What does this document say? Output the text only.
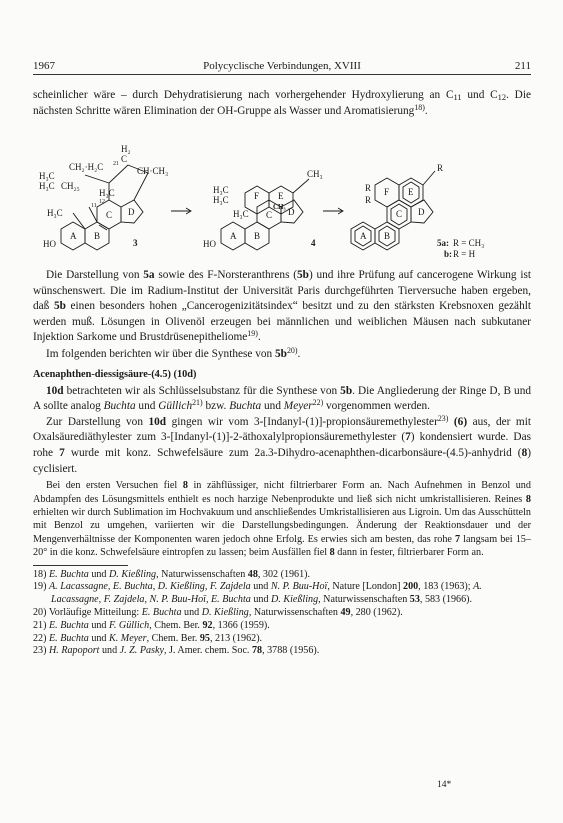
1967	Polycyclische Verbindungen, XVIII	211

scheinlicher wäre – durch Dehydratisierung nach vorhergehender Hydroxylierung an $C_{11}$ und $C_{12}$. Die nächsten Schritte wären Elimination der OH-Gruppe als Wasser und Aromatisierung$^{18)}$.

H₂
C
21
CH₂·H₂C	CH·CH₃
H₃C
H₃C CH₂₅
H₃C
H₃C
11
12
A B
C D
HO	3
CH₃
H₃C
H₃C
H₃C
CH₃
E
F
A B
C D
HO	4
R
R
R
F E
C D
A B
5a: R = CH₃
b: R = H

Die Darstellung von 5a sowie des F-Norsteranthrens (5b) und ihre Prüfung auf cancerogene Wirkung ist wünschenswert. Die im Radium-Institut der Universität Paris durchgeführten Tierversuche haben ergeben, daß 5b einen besonders hohen „Cancerogenizitätsindex“ besitzt und zu den stärksten Krebsnoxen gezählt werden muß. Lösungen in Olivenöl erzeugen bei männlichen und weiblichen Mäusen nach subkutaner Injektion Sarkome und Brustdrüsenepitheliome$^{19)}$.

Im folgenden berichten wir über die Synthese von $5b^{20)}$.

Acenaphthen-diessigsäure-(4.5) (10d)

10d betrachteten wir als Schlüsselsubstanz für die Synthese von 5b. Die Angliederung der Ringe D, B und A sollte analog Buchta und Güllich$^{21)}$ bzw. Buchta und Meyer$^{22)}$ vorgenommen werden.

Zur Darstellung von 10d gingen wir vom 3-[Indanyl-(1)]-propionsäuremethylester$^{23)}$ (6) aus, der mit Oxalsäurediäthylester zum 3-[Indanyl-(1)]-2-äthoxalylpropionsäuremethylester (7) kondensiert wurde. Das rohe 7 wurde mit konz. Schwefelsäure zum 2a.3-Dihydro-acenaphthen-dicarbonsäure-(4.5)-anhydrid (8) cyclisiert.

Bei den ersten Versuchen fiel 8 in zähflüssiger, nicht filtrierbarer Form an. Nach Aufnehmen in Benzol und Abdampfen des Lösungsmittels enthielt es noch harzige Nebenprodukte und ließ sich nicht umkristallisieren. Reines 8 erhielten wir durch Sublimation im Hochvakuum und anschließendes Umkristallisieren aus Ligroin. Um das Ausschütteln mit Benzol zu umgehen, variierten wir die Darstellungsbedingungen. Änderung der Reaktionsdauer und der Mengenverhältnisse der Komponenten waren jedoch ohne Erfolg. Es erwies sich am besten, das rohe 7 langsam bei 15–20° in die konz. Schwefelsäure eintropfen zu lassen; beim Ausfällen fiel 8 dann in fester, filtrierbarer Form an.

18) E. Buchta und D. Kießling, Naturwissenschaften 48, 302 (1961).
19) A. Lacassagne, E. Buchta, D. Kießling, F. Zajdela und N. P. Buu-Hoï, Nature [London] 200, 183 (1963); A. Lacassagne, F. Zajdela, N. P. Buu-Hoï, E. Buchta und D. Kießling, Naturwissenschaften 53, 583 (1966).
20) Vorläufige Mitteilung: E. Buchta und D. Kießling, Naturwissenschaften 49, 280 (1962).
21) E. Buchta und F. Güllich, Chem. Ber. 92, 1366 (1959).
22) E. Buchta und K. Meyer, Chem. Ber. 95, 213 (1962).
23) H. Rapoport und J. Z. Pasky, J. Amer. chem. Soc. 78, 3788 (1956).
14*
